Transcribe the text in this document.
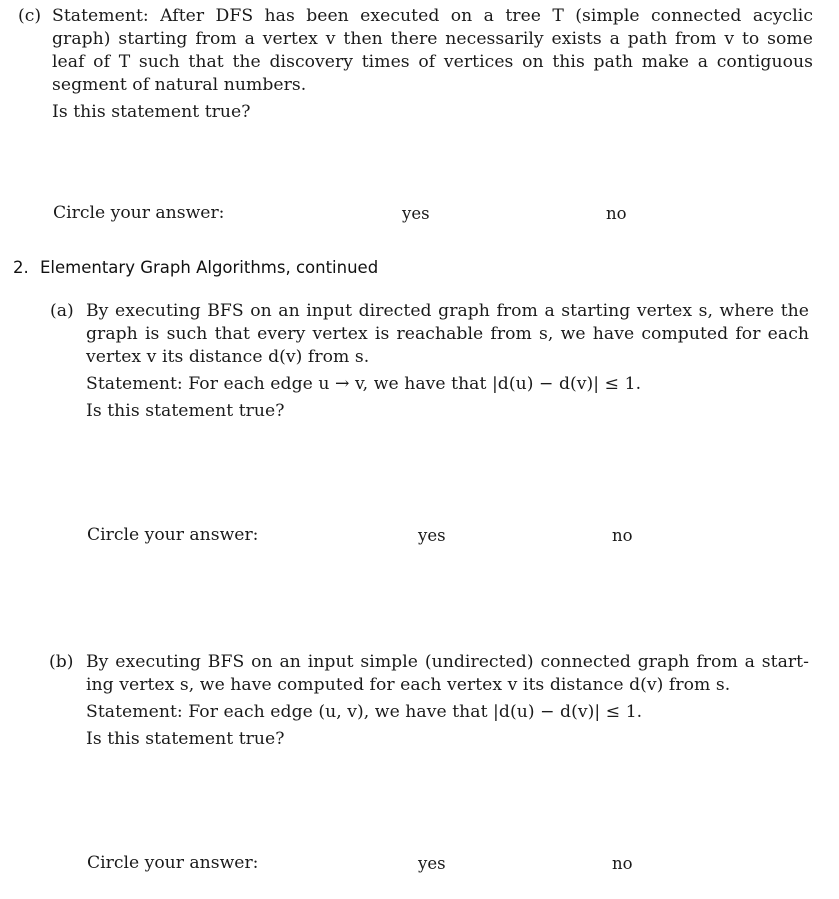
(c) Statement: After DFS has been executed on a tree T (simple connected acyclic
graph) starting from a vertex v then there necessarily exists a path from v to some
leaf of T such that the discovery times of vertices on this path make a contiguous
segment of natural numbers.
Is this statement true?
Circle your answer:	yes	no
2. Elementary Graph Algorithms, continued
(a) By executing BFS on an input directed graph from a starting vertex s, where the
graph is such that every vertex is reachable from s, we have computed for each
vertex v its distance d(v) from s.
Statement: For each edge u → v, we have that |d(u) − d(v)| ≤ 1.
Is this statement true?
Circle your answer:	yes	no
(b) By executing BFS on an input simple (undirected) connected graph from a start-
ing vertex s, we have computed for each vertex v its distance d(v) from s.
Statement: For each edge (u, v), we have that |d(u) − d(v)| ≤ 1.
Is this statement true?
Circle your answer:	yes	no
